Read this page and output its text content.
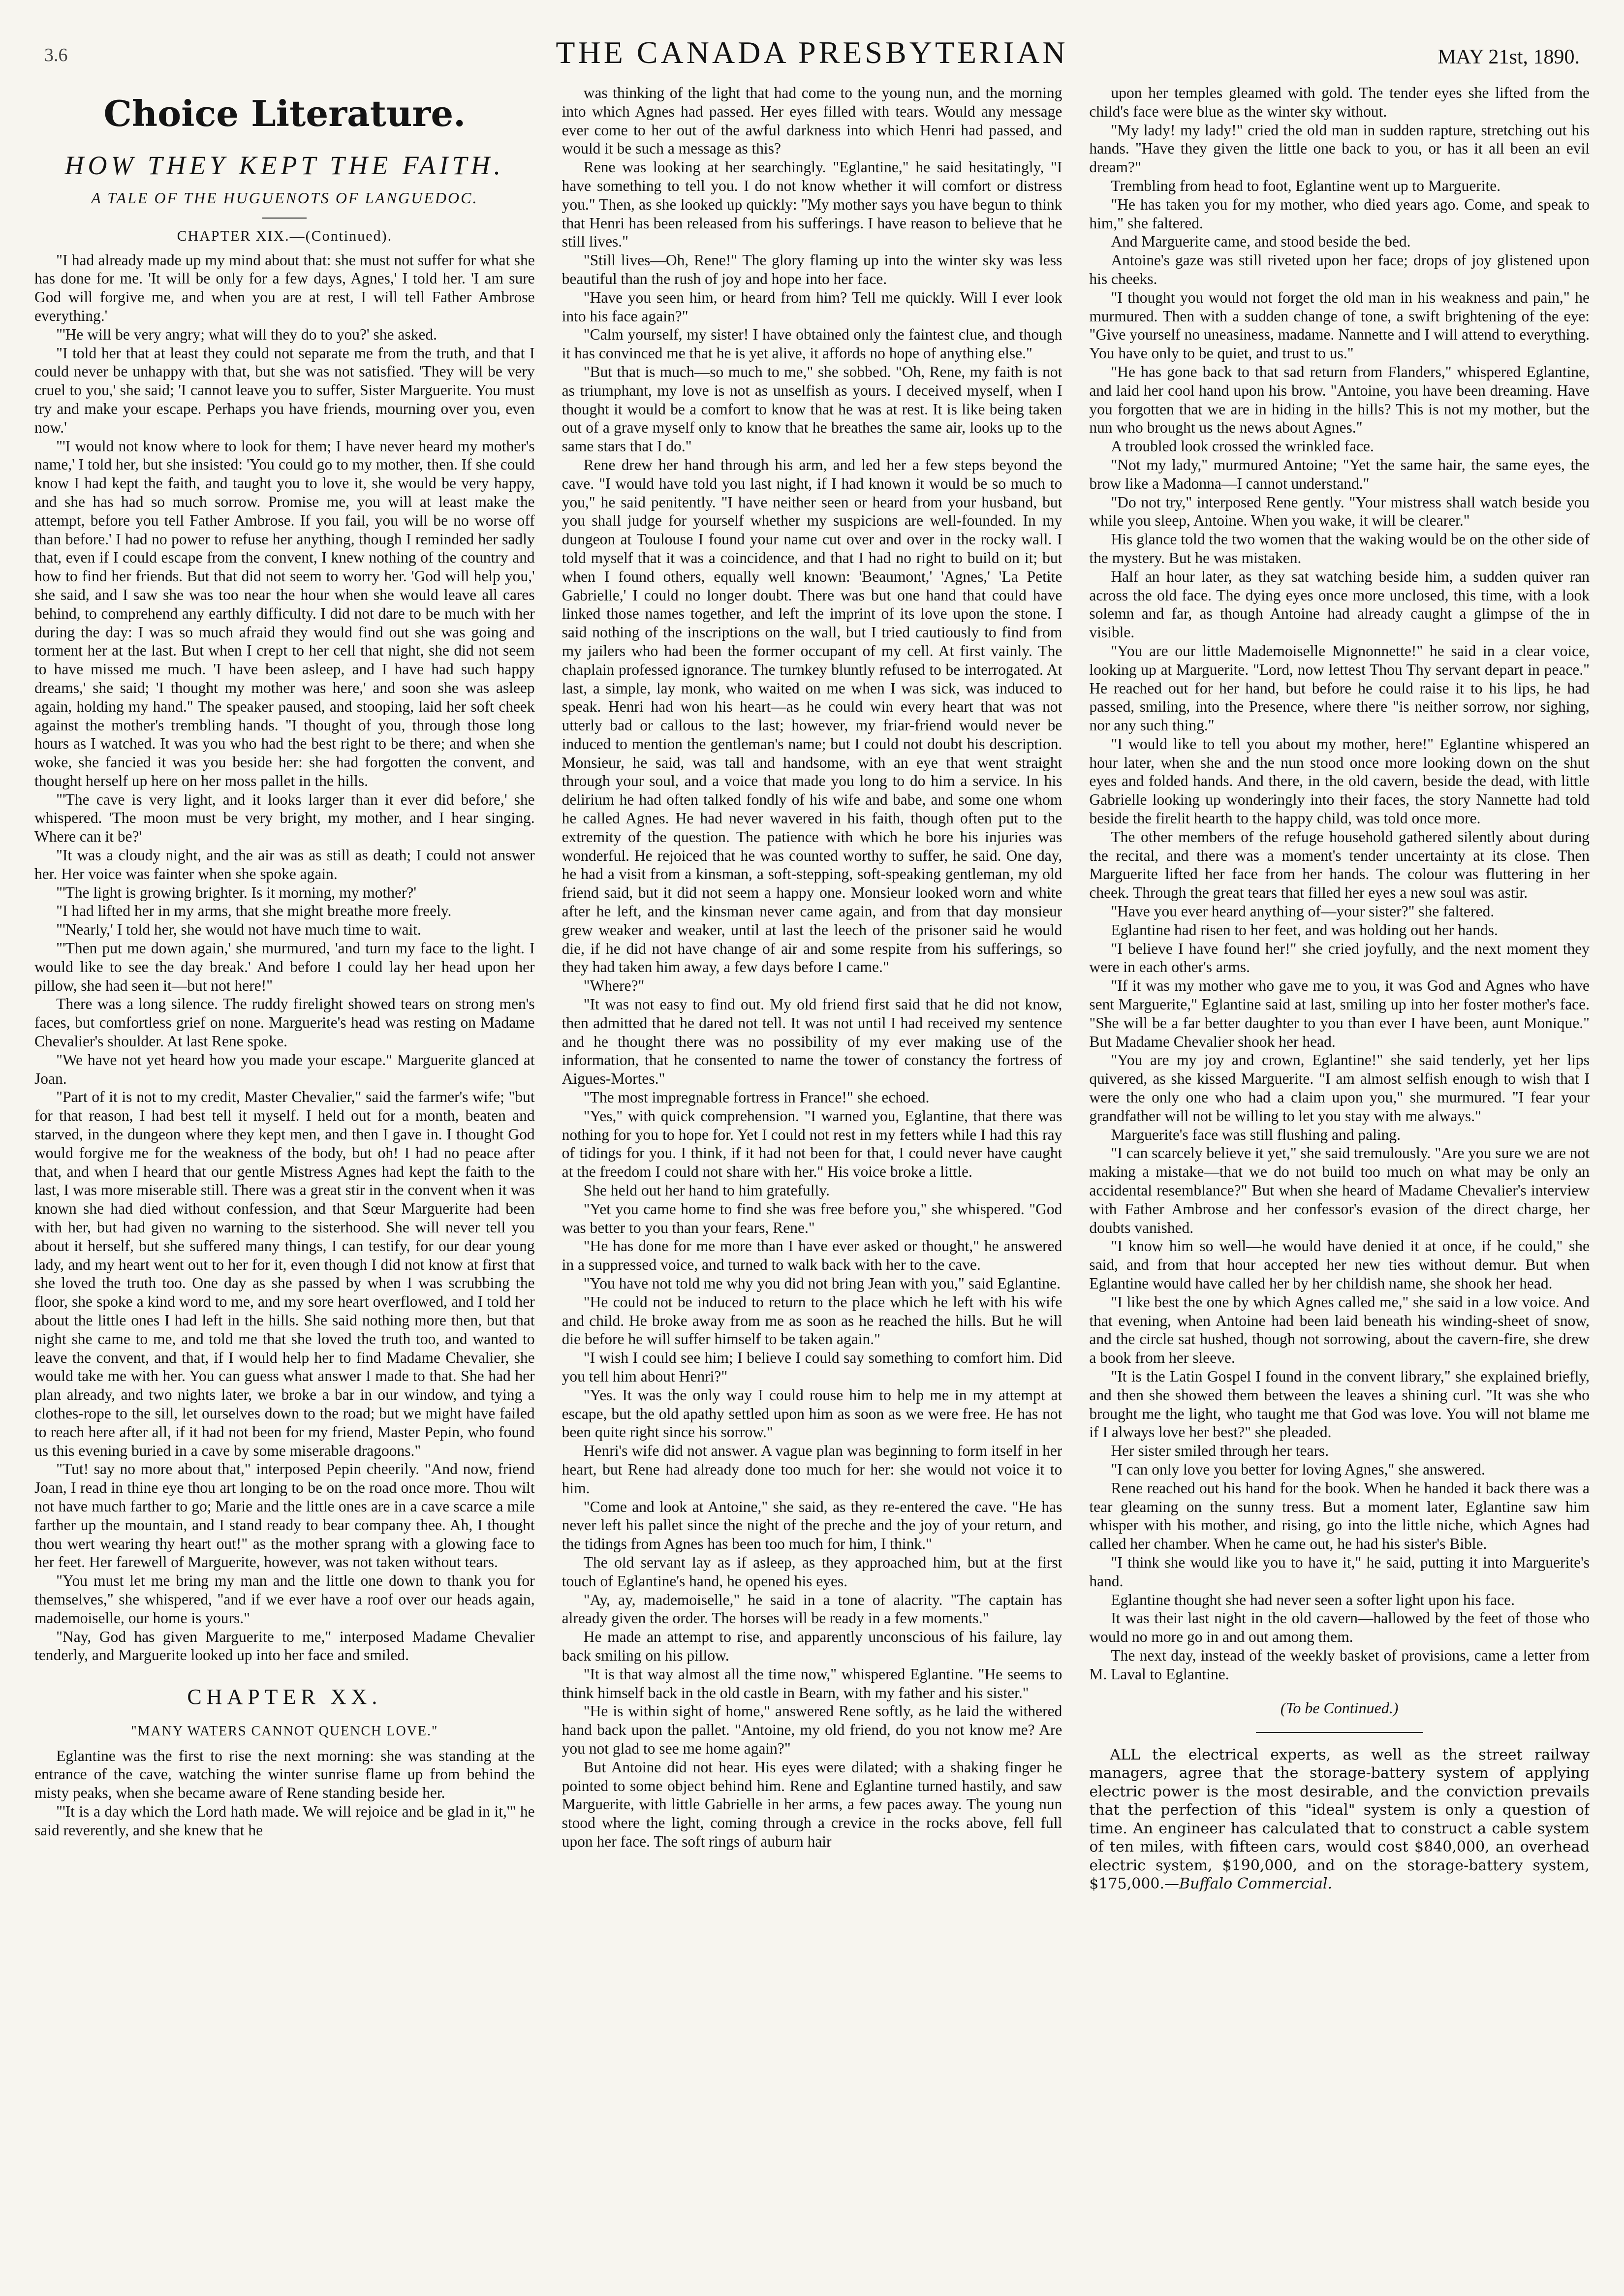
3.6	THE CANADA PRESBYTERIAN	MAY 21st, 1890.
Choice Literature.
HOW THEY KEPT THE FAITH.
A TALE OF THE HUGUENOTS OF LANGUEDOC.
CHAPTER XIX.—(Continued).

"I had already made up my mind about that: she must not suffer for what she has done for me. 'It will be only for a few days, Agnes,' I told her. 'I am sure God will forgive me, and when you are at rest, I will tell Father Ambrose everything.'

"'He will be very angry; what will they do to you?' she asked.

"I told her that at least they could not separate me from the truth, and that I could never be unhappy with that, but she was not satisfied. 'They will be very cruel to you,' she said; 'I cannot leave you to suffer, Sister Marguerite. You must try and make your escape. Perhaps you have friends, mourning over you, even now.'

"'I would not know where to look for them; I have never heard my mother's name,' I told her, but she insisted: 'You could go to my mother, then. If she could know I had kept the faith, and taught you to love it, she would be very happy, and she has had so much sorrow. Promise me, you will at least make the attempt, before you tell Father Ambrose. If you fail, you will be no worse off than before.' I had no power to refuse her anything, though I reminded her sadly that, even if I could escape from the convent, I knew nothing of the country and how to find her friends. But that did not seem to worry her. 'God will help you,' she said, and I saw she was too near the hour when she would leave all cares behind, to comprehend any earthly difficulty. I did not dare to be much with her during the day: I was so much afraid they would find out she was going and torment her at the last. But when I crept to her cell that night, she did not seem to have missed me much. 'I have been asleep, and I have had such happy dreams,' she said; 'I thought my mother was here,' and soon she was asleep again, holding my hand." The speaker paused, and stooping, laid her soft cheek against the mother's trembling hands. "I thought of you, through those long hours as I watched. It was you who had the best right to be there; and when she woke, she fancied it was you beside her: she had forgotten the convent, and thought herself up here on her moss pallet in the hills.

"'The cave is very light, and it looks larger than it ever did before,' she whispered. 'The moon must be very bright, my mother, and I hear singing. Where can it be?'

"It was a cloudy night, and the air was as still as death; I could not answer her. Her voice was fainter when she spoke again.

"'The light is growing brighter. Is it morning, my mother?'

"I had lifted her in my arms, that she might breathe more freely.

"'Nearly,' I told her, she would not have much time to wait.

"'Then put me down again,' she murmured, 'and turn my face to the light. I would like to see the day break.' And before I could lay her head upon her pillow, she had seen it—but not here!"

There was a long silence. The ruddy firelight showed tears on strong men's faces, but comfortless grief on none. Marguerite's head was resting on Madame Chevalier's shoulder. At last Rene spoke.

"We have not yet heard how you made your escape." Marguerite glanced at Joan.

"Part of it is not to my credit, Master Chevalier," said the farmer's wife; "but for that reason, I had best tell it myself. I held out for a month, beaten and starved, in the dungeon where they kept men, and then I gave in. I thought God would forgive me for the weakness of the body, but oh! I had no peace after that, and when I heard that our gentle Mistress Agnes had kept the faith to the last, I was more miserable still. There was a great stir in the convent when it was known she had died without confession, and that Sœur Marguerite had been with her, but had given no warning to the sisterhood. She will never tell you about it herself, but she suffered many things, I can testify, for our dear young lady, and my heart went out to her for it, even though I did not know at first that she loved the truth too. One day as she passed by when I was scrubbing the floor, she spoke a kind word to me, and my sore heart overflowed, and I told her about the little ones I had left in the hills. She said nothing more then, but that night she came to me, and told me that she loved the truth too, and wanted to leave the convent, and that, if I would help her to find Madame Chevalier, she would take me with her. You can guess what answer I made to that. She had her plan already, and two nights later, we broke a bar in our window, and tying a clothes-rope to the sill, let ourselves down to the road; but we might have failed to reach here after all, if it had not been for my friend, Master Pepin, who found us this evening buried in a cave by some miserable dragoons."

"Tut! say no more about that," interposed Pepin cheerily. "And now, friend Joan, I read in thine eye thou art longing to be on the road once more. Thou wilt not have much farther to go; Marie and the little ones are in a cave scarce a mile farther up the mountain, and I stand ready to bear company thee. Ah, I thought thou wert wearing thy heart out!" as the mother sprang with a glowing face to her feet. Her farewell of Marguerite, however, was not taken without tears.

"You must let me bring my man and the little one down to thank you for themselves," she whispered, "and if we ever have a roof over our heads again, mademoiselle, our home is yours."

"Nay, God has given Marguerite to me," interposed Madame Chevalier tenderly, and Marguerite looked up into her face and smiled.

CHAPTER XX.
"MANY WATERS CANNOT QUENCH LOVE."

Eglantine was the first to rise the next morning: she was standing at the entrance of the cave, watching the winter sunrise flame up from behind the misty peaks, when she became aware of Rene standing beside her.

"'It is a day which the Lord hath made. We will rejoice and be glad in it,'" he said reverently, and she knew that he

was thinking of the light that had come to the young nun, and the morning into which Agnes had passed. Her eyes filled with tears. Would any message ever come to her out of the awful darkness into which Henri had passed, and would it be such a message as this?

Rene was looking at her searchingly. "Eglantine," he said hesitatingly, "I have something to tell you. I do not know whether it will comfort or distress you." Then, as she looked up quickly: "My mother says you have begun to think that Henri has been released from his sufferings. I have reason to believe that he still lives."

"Still lives—Oh, Rene!" The glory flaming up into the winter sky was less beautiful than the rush of joy and hope into her face.

"Have you seen him, or heard from him? Tell me quickly. Will I ever look into his face again?"

"Calm yourself, my sister! I have obtained only the faintest clue, and though it has convinced me that he is yet alive, it affords no hope of anything else."

"But that is much—so much to me," she sobbed. "Oh, Rene, my faith is not as triumphant, my love is not as unselfish as yours. I deceived myself, when I thought it would be a comfort to know that he was at rest. It is like being taken out of a grave myself only to know that he breathes the same air, looks up to the same stars that I do."

Rene drew her hand through his arm, and led her a few steps beyond the cave. "I would have told you last night, if I had known it would be so much to you," he said penitently. "I have neither seen or heard from your husband, but you shall judge for yourself whether my suspicions are well-founded. In my dungeon at Toulouse I found your name cut over and over in the rocky wall. I told myself that it was a coincidence, and that I had no right to build on it; but when I found others, equally well known: 'Beaumont,' 'Agnes,' 'La Petite Gabrielle,' I could no longer doubt. There was but one hand that could have linked those names together, and left the imprint of its love upon the stone. I said nothing of the inscriptions on the wall, but I tried cautiously to find from my jailers who had been the former occupant of my cell. At first vainly. The chaplain professed ignorance. The turnkey bluntly refused to be interrogated. At last, a simple, lay monk, who waited on me when I was sick, was induced to speak. Henri had won his heart—as he could win every heart that was not utterly bad or callous to the last; however, my friar-friend would never be induced to mention the gentleman's name; but I could not doubt his description. Monsieur, he said, was tall and handsome, with an eye that went straight through your soul, and a voice that made you long to do him a service. In his delirium he had often talked fondly of his wife and babe, and some one whom he called Agnes. He had never wavered in his faith, though often put to the extremity of the question. The patience with which he bore his injuries was wonderful. He rejoiced that he was counted worthy to suffer, he said. One day, he had a visit from a kinsman, a soft-stepping, soft-speaking gentleman, my old friend said, but it did not seem a happy one. Monsieur looked worn and white after he left, and the kinsman never came again, and from that day monsieur grew weaker and weaker, until at last the leech of the prisoner said he would die, if he did not have change of air and some respite from his sufferings, so they had taken him away, a few days before I came."

"Where?"

"It was not easy to find out. My old friend first said that he did not know, then admitted that he dared not tell. It was not until I had received my sentence and he thought there was no possibility of my ever making use of the information, that he consented to name the tower of constancy the fortress of Aigues-Mortes."

"The most impregnable fortress in France!" she echoed.

"Yes," with quick comprehension. "I warned you, Eglantine, that there was nothing for you to hope for. Yet I could not rest in my fetters while I had this ray of tidings for you. I think, if it had not been for that, I could never have caught at the freedom I could not share with her." His voice broke a little.

She held out her hand to him gratefully.

"Yet you came home to find she was free before you," she whispered. "God was better to you than your fears, Rene."

"He has done for me more than I have ever asked or thought," he answered in a suppressed voice, and turned to walk back with her to the cave.

"You have not told me why you did not bring Jean with you," said Eglantine.

"He could not be induced to return to the place which he left with his wife and child. He broke away from me as soon as he reached the hills. But he will die before he will suffer himself to be taken again."

"I wish I could see him; I believe I could say something to comfort him. Did you tell him about Henri?"

"Yes. It was the only way I could rouse him to help me in my attempt at escape, but the old apathy settled upon him as soon as we were free. He has not been quite right since his sorrow."

Henri's wife did not answer. A vague plan was beginning to form itself in her heart, but Rene had already done too much for her: she would not voice it to him.

"Come and look at Antoine," she said, as they re-entered the cave. "He has never left his pallet since the night of the preche and the joy of your return, and the tidings from Agnes has been too much for him, I think."

The old servant lay as if asleep, as they approached him, but at the first touch of Eglantine's hand, he opened his eyes.

"Ay, ay, mademoiselle," he said in a tone of alacrity. "The captain has already given the order. The horses will be ready in a few moments."

He made an attempt to rise, and apparently unconscious of his failure, lay back smiling on his pillow.

"It is that way almost all the time now," whispered Eglantine. "He seems to think himself back in the old castle in Bearn, with my father and his sister."

"He is within sight of home," answered Rene softly, as he laid the withered hand back upon the pallet. "Antoine, my old friend, do you not know me? Are you not glad to see me home again?"

But Antoine did not hear. His eyes were dilated; with a shaking finger he pointed to some object behind him. Rene and Eglantine turned hastily, and saw Marguerite, with little Gabrielle in her arms, a few paces away. The young nun stood where the light, coming through a crevice in the rocks above, fell full upon her face. The soft rings of auburn hair

upon her temples gleamed with gold. The tender eyes she lifted from the child's face were blue as the winter sky without.

"My lady! my lady!" cried the old man in sudden rapture, stretching out his hands. "Have they given the little one back to you, or has it all been an evil dream?"

Trembling from head to foot, Eglantine went up to Marguerite.

"He has taken you for my mother, who died years ago. Come, and speak to him," she faltered.

And Marguerite came, and stood beside the bed.

Antoine's gaze was still riveted upon her face; drops of joy glistened upon his cheeks.

"I thought you would not forget the old man in his weakness and pain," he murmured. Then with a sudden change of tone, a swift brightening of the eye: "Give yourself no uneasiness, madame. Nannette and I will attend to everything. You have only to be quiet, and trust to us."

"He has gone back to that sad return from Flanders," whispered Eglantine, and laid her cool hand upon his brow. "Antoine, you have been dreaming. Have you forgotten that we are in hiding in the hills? This is not my mother, but the nun who brought us the news about Agnes."

A troubled look crossed the wrinkled face.

"Not my lady," murmured Antoine; "Yet the same hair, the same eyes, the brow like a Madonna—I cannot understand."

"Do not try," interposed Rene gently. "Your mistress shall watch beside you while you sleep, Antoine. When you wake, it will be clearer."

His glance told the two women that the waking would be on the other side of the mystery. But he was mistaken.

Half an hour later, as they sat watching beside him, a sudden quiver ran across the old face. The dying eyes once more unclosed, this time, with a look solemn and far, as though Antoine had already caught a glimpse of the in visible.

"You are our little Mademoiselle Mignonnette!" he said in a clear voice, looking up at Marguerite. "Lord, now lettest Thou Thy servant depart in peace." He reached out for her hand, but before he could raise it to his lips, he had passed, smiling, into the Presence, where there "is neither sorrow, nor sighing, nor any such thing."

"I would like to tell you about my mother, here!" Eglantine whispered an hour later, when she and the nun stood once more looking down on the shut eyes and folded hands. And there, in the old cavern, beside the dead, with little Gabrielle looking up wonderingly into their faces, the story Nannette had told beside the firelit hearth to the happy child, was told once more.

The other members of the refuge household gathered silently about during the recital, and there was a moment's tender uncertainty at its close. Then Marguerite lifted her face from her hands. The colour was fluttering in her cheek. Through the great tears that filled her eyes a new soul was astir.

"Have you ever heard anything of—your sister?" she faltered.

Eglantine had risen to her feet, and was holding out her hands.

"I believe I have found her!" she cried joyfully, and the next moment they were in each other's arms.

"If it was my mother who gave me to you, it was God and Agnes who have sent Marguerite," Eglantine said at last, smiling up into her foster mother's face. "She will be a far better daughter to you than ever I have been, aunt Monique." But Madame Chevalier shook her head.

"You are my joy and crown, Eglantine!" she said tenderly, yet her lips quivered, as she kissed Marguerite. "I am almost selfish enough to wish that I were the only one who had a claim upon you," she murmured. "I fear your grandfather will not be willing to let you stay with me always."

Marguerite's face was still flushing and paling.

"I can scarcely believe it yet," she said tremulously. "Are you sure we are not making a mistake—that we do not build too much on what may be only an accidental resemblance?" But when she heard of Madame Chevalier's interview with Father Ambrose and her confessor's evasion of the direct charge, her doubts vanished.

"I know him so well—he would have denied it at once, if he could," she said, and from that hour accepted her new ties without demur. But when Eglantine would have called her by her childish name, she shook her head.

"I like best the one by which Agnes called me," she said in a low voice. And that evening, when Antoine had been laid beneath his winding-sheet of snow, and the circle sat hushed, though not sorrowing, about the cavern-fire, she drew a book from her sleeve.

"It is the Latin Gospel I found in the convent library," she explained briefly, and then she showed them between the leaves a shining curl. "It was she who brought me the light, who taught me that God was love. You will not blame me if I always love her best?" she pleaded.

Her sister smiled through her tears.

"I can only love you better for loving Agnes," she answered.

Rene reached out his hand for the book. When he handed it back there was a tear gleaming on the sunny tress. But a moment later, Eglantine saw him whisper with his mother, and rising, go into the little niche, which Agnes had called her chamber. When he came out, he had his sister's Bible.

"I think she would like you to have it," he said, putting it into Marguerite's hand.

Eglantine thought she had never seen a softer light upon his face.

It was their last night in the old cavern—hallowed by the feet of those who would no more go in and out among them.

The next day, instead of the weekly basket of provisions, came a letter from M. Laval to Eglantine.

(To be Continued.)

ALL the electrical experts, as well as the street railway managers, agree that the storage-battery system of applying electric power is the most desirable, and the conviction prevails that the perfection of this "ideal" system is only a question of time. An engineer has calculated that to construct a cable system of ten miles, with fifteen cars, would cost $840,000, an overhead electric system, $190,000, and on the storage-battery system, $175,000.—Buffalo Commercial.
